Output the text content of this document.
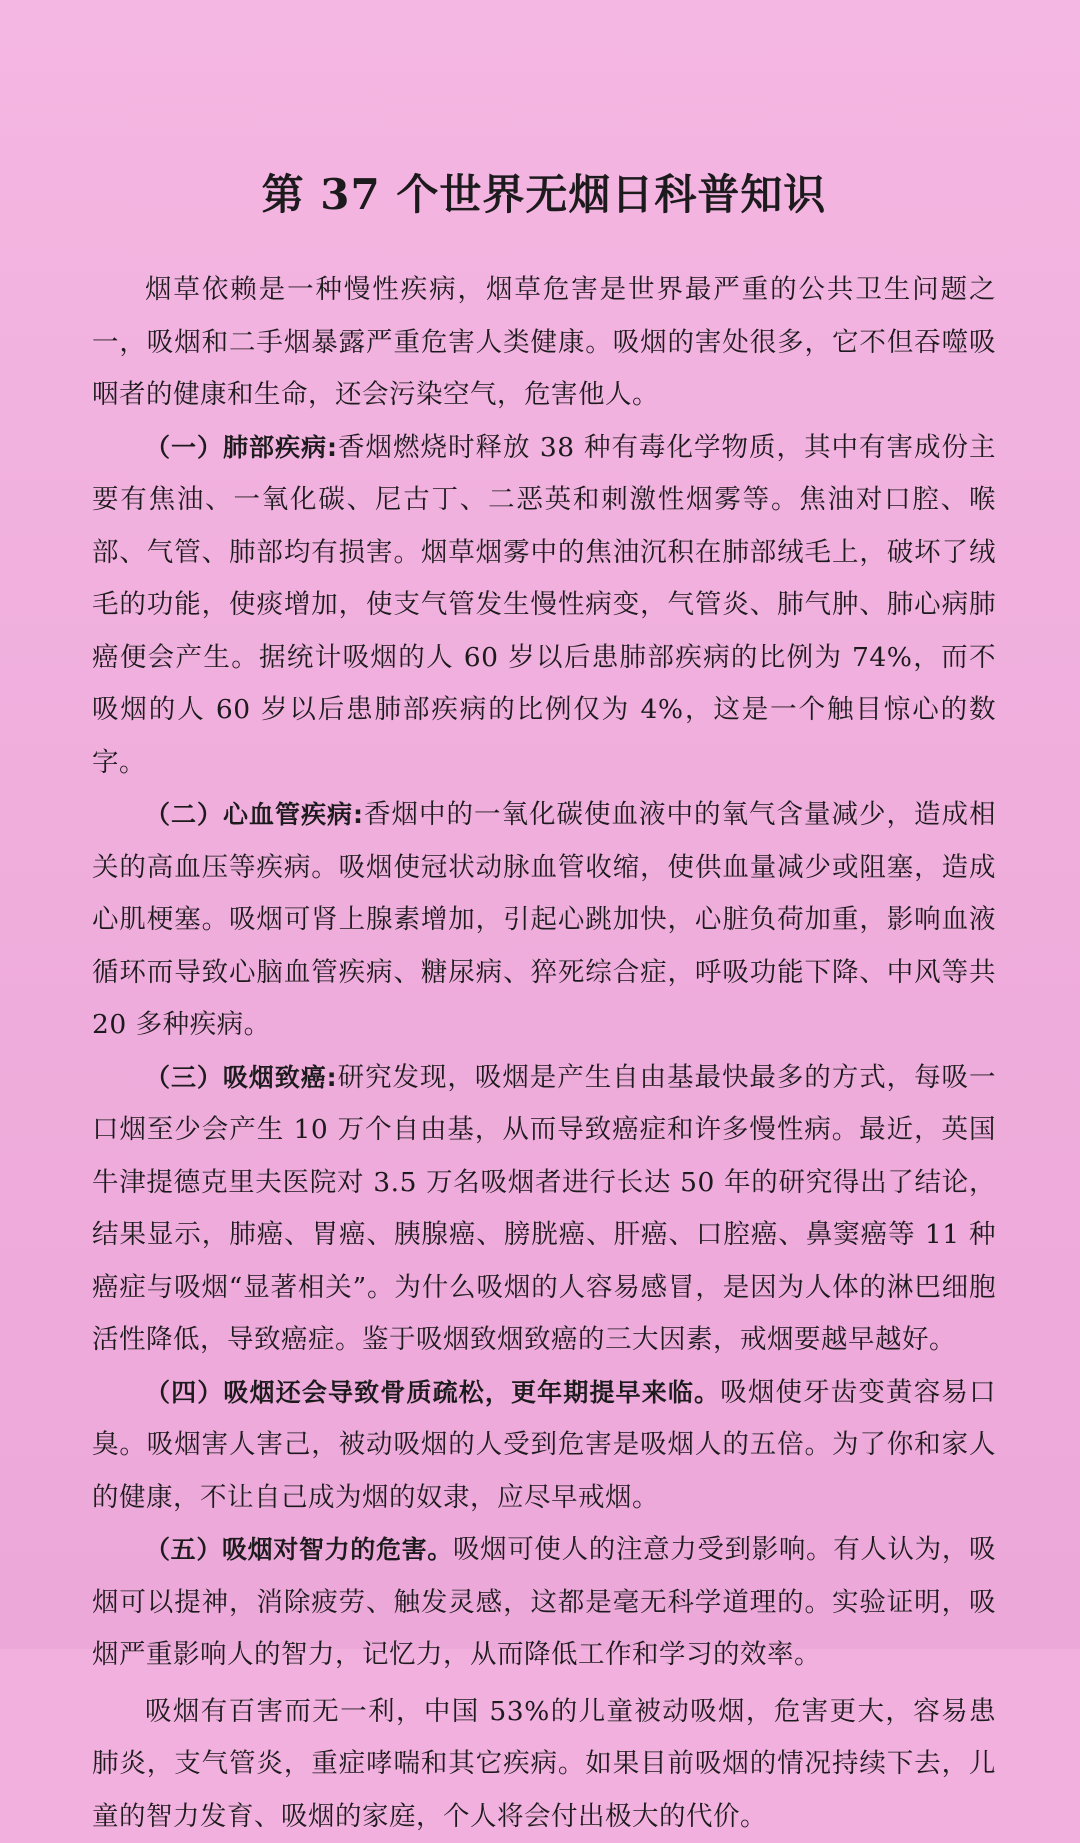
第 37 个世界无烟日科普知识

烟草依赖是一种慢性疾病，烟草危害是世界最严重的公共卫生问题之一，吸烟和二手烟暴露严重危害人类健康。吸烟的害处很多，它不但吞噬吸咽者的健康和生命，还会污染空气，危害他人。

（一）肺部疾病:香烟燃烧时释放 38 种有毒化学物质，其中有害成份主要有焦油、一氧化碳、尼古丁、二恶英和刺激性烟雾等。焦油对口腔、喉部、气管、肺部均有损害。烟草烟雾中的焦油沉积在肺部绒毛上，破坏了绒毛的功能，使痰增加，使支气管发生慢性病变，气管炎、肺气肿、肺心病肺癌便会产生。据统计吸烟的人 60 岁以后患肺部疾病的比例为 74%，而不吸烟的人 60 岁以后患肺部疾病的比例仅为 4%，这是一个触目惊心的数字。

（二）心血管疾病:香烟中的一氧化碳使血液中的氧气含量减少，造成相关的高血压等疾病。吸烟使冠状动脉血管收缩，使供血量减少或阻塞，造成心肌梗塞。吸烟可肾上腺素增加，引起心跳加快，心脏负荷加重，影响血液循环而导致心脑血管疾病、糖尿病、猝死综合症，呼吸功能下降、中风等共 20 多种疾病。

（三）吸烟致癌:研究发现，吸烟是产生自由基最快最多的方式，每吸一口烟至少会产生 10 万个自由基，从而导致癌症和许多慢性病。最近，英国牛津提德克里夫医院对 3.5 万名吸烟者进行长达 50 年的研究得出了结论，结果显示，肺癌、胃癌、胰腺癌、膀胱癌、肝癌、口腔癌、鼻窦癌等 11 种癌症与吸烟“显著相关”。为什么吸烟的人容易感冒，是因为人体的淋巴细胞活性降低，导致癌症。鉴于吸烟致烟致癌的三大因素，戒烟要越早越好。

（四）吸烟还会导致骨质疏松，更年期提早来临。吸烟使牙齿变黄容易口臭。吸烟害人害己，被动吸烟的人受到危害是吸烟人的五倍。为了你和家人的健康，不让自己成为烟的奴隶，应尽早戒烟。

（五）吸烟对智力的危害。吸烟可使人的注意力受到影响。有人认为，吸烟可以提神，消除疲劳、触发灵感，这都是毫无科学道理的。实验证明，吸烟严重影响人的智力，记忆力，从而降低工作和学习的效率。

吸烟有百害而无一利，中国 53%的儿童被动吸烟，危害更大，容易患肺炎，支气管炎，重症哮喘和其它疾病。如果目前吸烟的情况持续下去，儿童的智力发育、吸烟的家庭，个人将会付出极大的代价。
